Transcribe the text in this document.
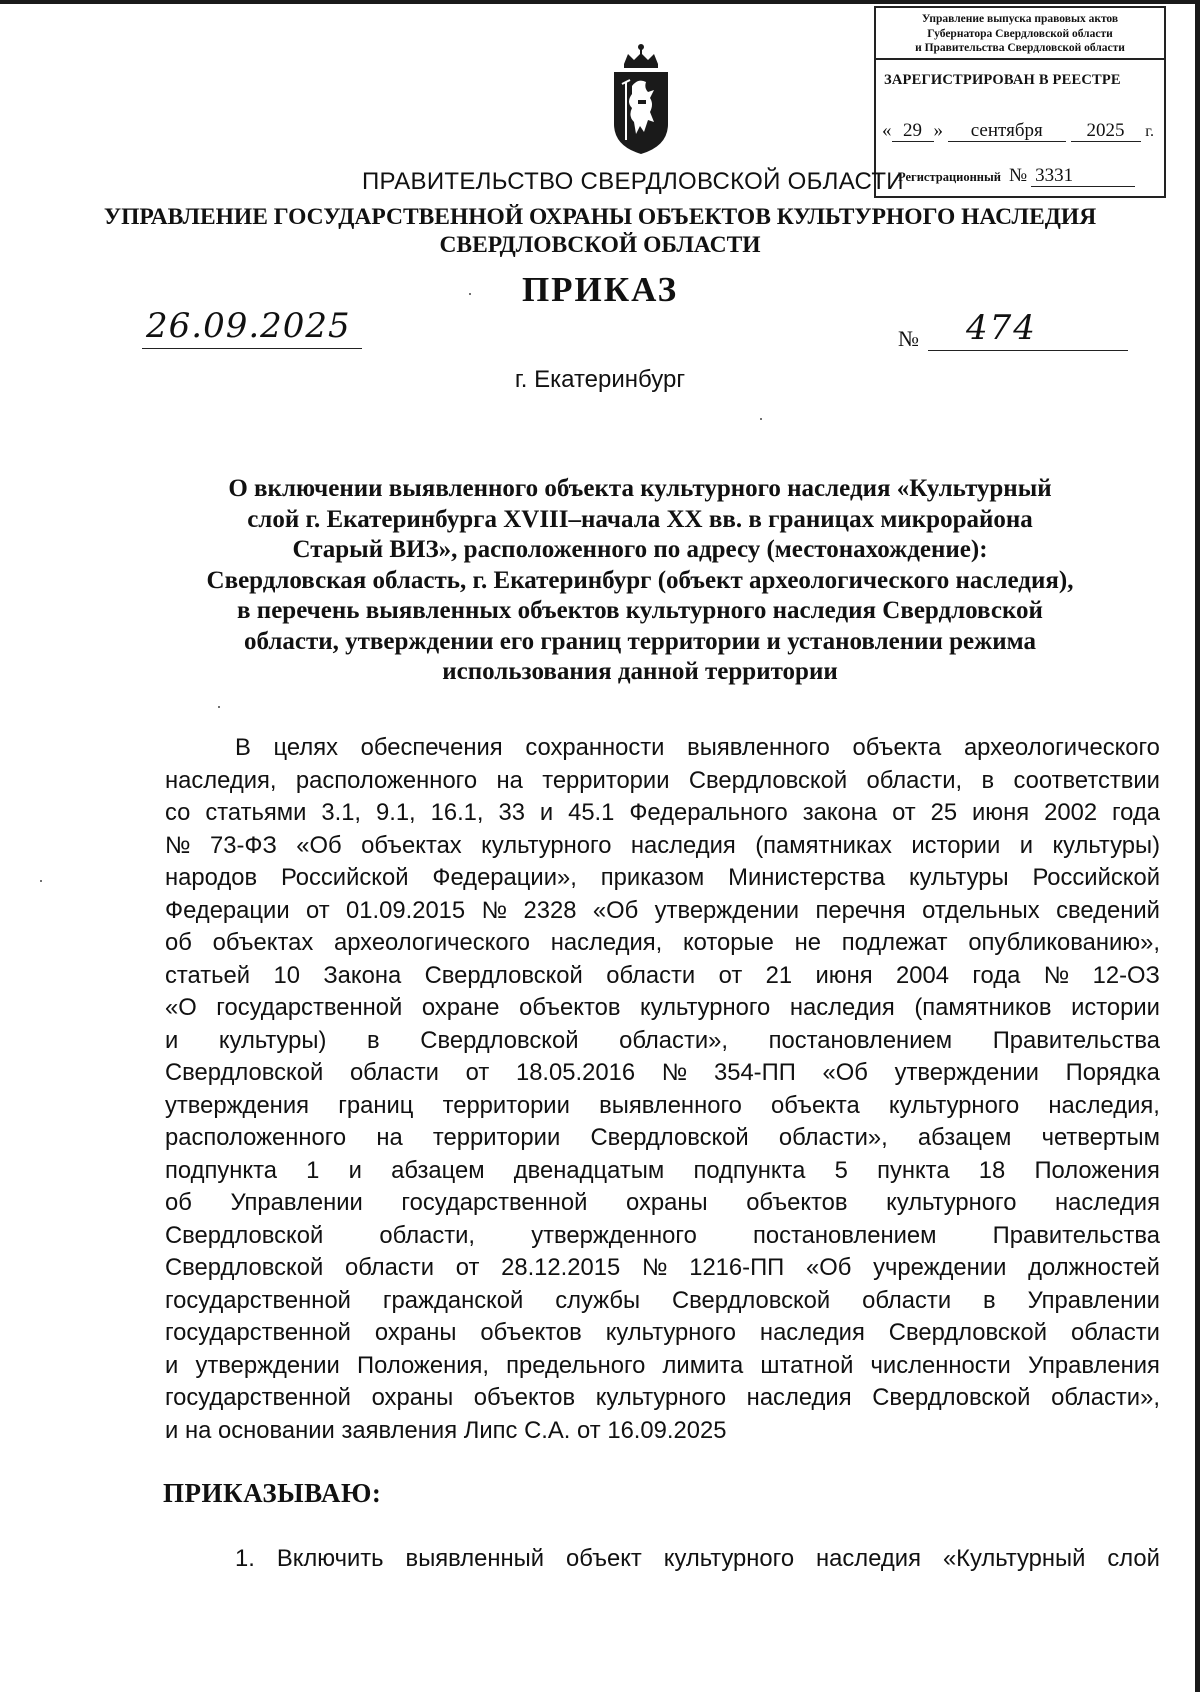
Управление выпуска правовых актов
Губернатора Свердловской области
и Правительства Свердловской области
ЗАРЕГИСТРИРОВАН В РЕЕСТРЕ
« 29 » сентября 2025 г.
Регистрационный № 3331
ПРАВИТЕЛЬСТВО СВЕРДЛОВСКОЙ ОБЛАСТИ
УПРАВЛЕНИЕ ГОСУДАРСТВЕННОЙ ОХРАНЫ ОБЪЕКТОВ КУЛЬТУРНОГО НАСЛЕДИЯ
СВЕРДЛОВСКОЙ ОБЛАСТИ
ПРИКАЗ
26.09.2025	№ 474
г. Екатеринбург
О включении выявленного объекта культурного наследия «Культурный
слой г. Екатеринбурга XVIII–начала XX вв. в границах микрорайона
Старый ВИЗ», расположенного по адресу (местонахождение):
Свердловская область, г. Екатеринбург (объект археологического наследия),
в перечень выявленных объектов культурного наследия Свердловской
области, утверждении его границ территории и установлении режима
использования данной территории
В целях обеспечения сохранности выявленного объекта археологического
наследия, расположенного на территории Свердловской области, в соответствии
со статьями 3.1, 9.1, 16.1, 33 и 45.1 Федерального закона от 25 июня 2002 года
№ 73-ФЗ «Об объектах культурного наследия (памятниках истории и культуры)
народов Российской Федерации», приказом Министерства культуры Российской
Федерации от 01.09.2015 № 2328 «Об утверждении перечня отдельных сведений
об объектах археологического наследия, которые не подлежат опубликованию»,
статьей 10 Закона Свердловской области от 21 июня 2004 года № 12-ОЗ
«О государственной охране объектов культурного наследия (памятников истории
и культуры) в Свердловской области», постановлением Правительства
Свердловской области от 18.05.2016 № 354-ПП «Об утверждении Порядка
утверждения границ территории выявленного объекта культурного наследия,
расположенного на территории Свердловской области», абзацем четвертым
подпункта 1 и абзацем двенадцатым подпункта 5 пункта 18 Положения
об Управлении государственной охраны объектов культурного наследия
Свердловской области, утвержденного постановлением Правительства
Свердловской области от 28.12.2015 № 1216-ПП «Об учреждении должностей
государственной гражданской службы Свердловской области в Управлении
государственной охраны объектов культурного наследия Свердловской области
и утверждении Положения, предельного лимита штатной численности Управления
государственной охраны объектов культурного наследия Свердловской области»,
и на основании заявления Липс С.А. от 16.09.2025
ПРИКАЗЫВАЮ:
1. Включить выявленный объект культурного наследия «Культурный слой
